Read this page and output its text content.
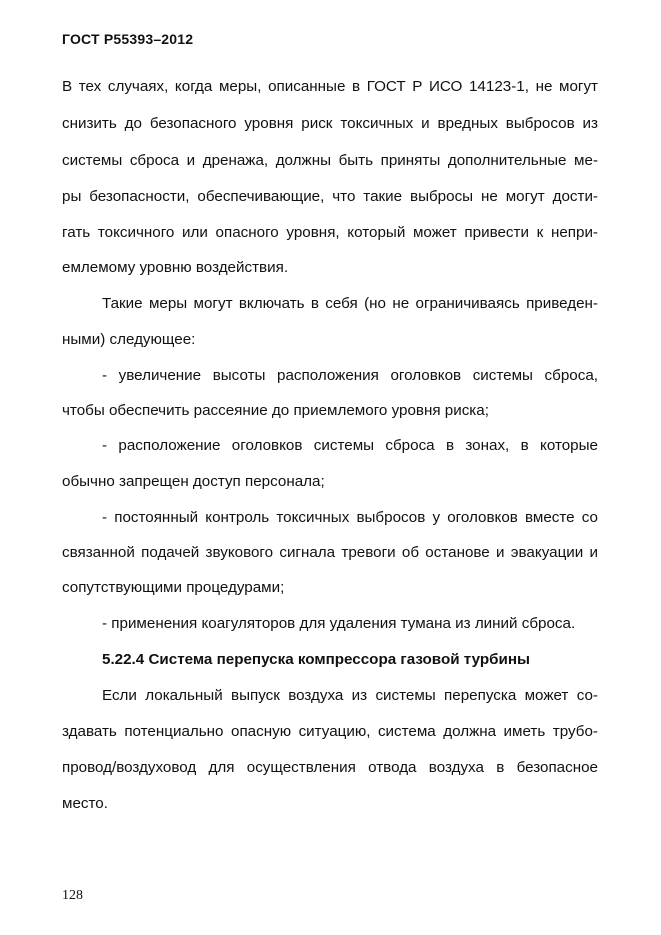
ГОСТ Р55393–2012
В тех случаях, когда меры, описанные в ГОСТ Р ИСО 14123-1, не могут
снизить до безопасного уровня риск токсичных и вредных выбросов из
системы сброса и дренажа, должны быть приняты дополнительные ме-
ры безопасности, обеспечивающие, что такие выбросы не могут дости-
гать токсичного или опасного уровня, который может привести к непри-
емлемому уровню воздействия.
Такие меры могут включать в себя (но не ограничиваясь приведен-
ными) следующее:
- увеличение высоты расположения оголовков системы сброса,
чтобы обеспечить рассеяние до приемлемого уровня риска;
- расположение оголовков системы сброса в зонах, в которые
обычно запрещен доступ персонала;
- постоянный контроль токсичных выбросов у оголовков вместе со
связанной подачей звукового сигнала тревоги об останове и эвакуации и
сопутствующими процедурами;
- применения коагуляторов для удаления тумана из линий сброса.
5.22.4 Система перепуска компрессора газовой турбины
Если локальный выпуск воздуха из системы перепуска может со-
здавать потенциально опасную ситуацию, система должна иметь трубо-
провод/воздуховод для осуществления отвода воздуха в безопасное
место.
128
